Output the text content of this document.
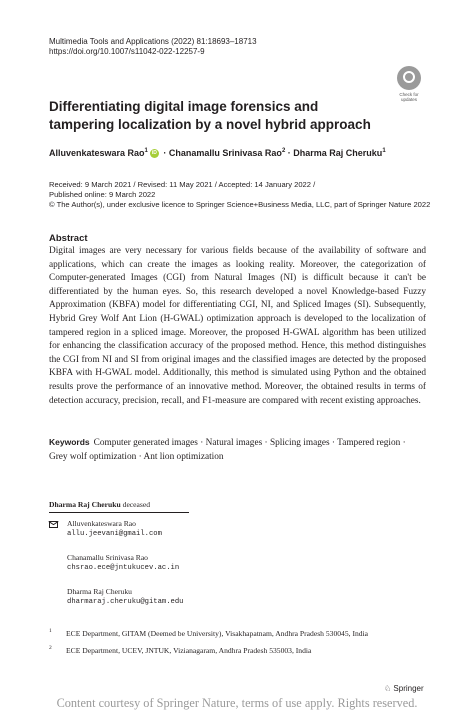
Multimedia Tools and Applications (2022) 81:18693–18713
https://doi.org/10.1007/s11042-022-12257-9
Check for
updates
Differentiating digital image forensics and tampering localization by a novel hybrid approach
Alluvenkateswara Rao$^1$ iD · Chanamallu Srinivasa Rao$^2$ · Dharma Raj Cheruku$^1$
Received: 9 March 2021 / Revised: 11 May 2021 / Accepted: 14 January 2022 /
Published online: 9 March 2022
© The Author(s), under exclusive licence to Springer Science+Business Media, LLC, part of Springer Nature 2022
Abstract
Digital images are very necessary for various fields because of the availability of software and applications, which can create the images as looking reality. Moreover, the categorization of Computer-generated Images (CGI) from Natural Images (NI) is difficult because it can't be differentiated by the human eyes. So, this research developed a novel Knowledge-based Fuzzy Approximation (KBFA) model for differentiating CGI, NI, and Spliced Images (SI). Subsequently, Hybrid Grey Wolf Ant Lion (H-GWAL) optimization approach is developed to the localization of tampered region in a spliced image. Moreover, the proposed H-GWAL algorithm has been utilized for enhancing the classification accuracy of the proposed method. Hence, this method distinguishes the CGI from NI and SI from original images and the classified images are detected by the proposed KBFA with H-GWAL model. Additionally, this method is simulated using Python and the obtained results prove the performance of an innovative method. Moreover, the obtained results in terms of detection accuracy, precision, recall, and F1-measure are compared with recent existing approaches.
Keywords Computer generated images · Natural images · Splicing images · Tampered region · Grey wolf optimization · Ant lion optimization
Dharma Raj Cheruku deceased
Alluvenkateswara Rao
allu.jeevani@gmail.com
Chanamallu Srinivasa Rao
chsrao.ece@jntukucev.ac.in
Dharma Raj Cheruku
dharmaraj.cheruku@gitam.edu
$^1$ ECE Department, GITAM (Deemed be University), Visakhapatnam, Andhra Pradesh 530045, India
$^2$ ECE Department, UCEV, JNTUK, Vizianagaram, Andhra Pradesh 535003, India
♘ Springer
Content courtesy of Springer Nature, terms of use apply. Rights reserved.
